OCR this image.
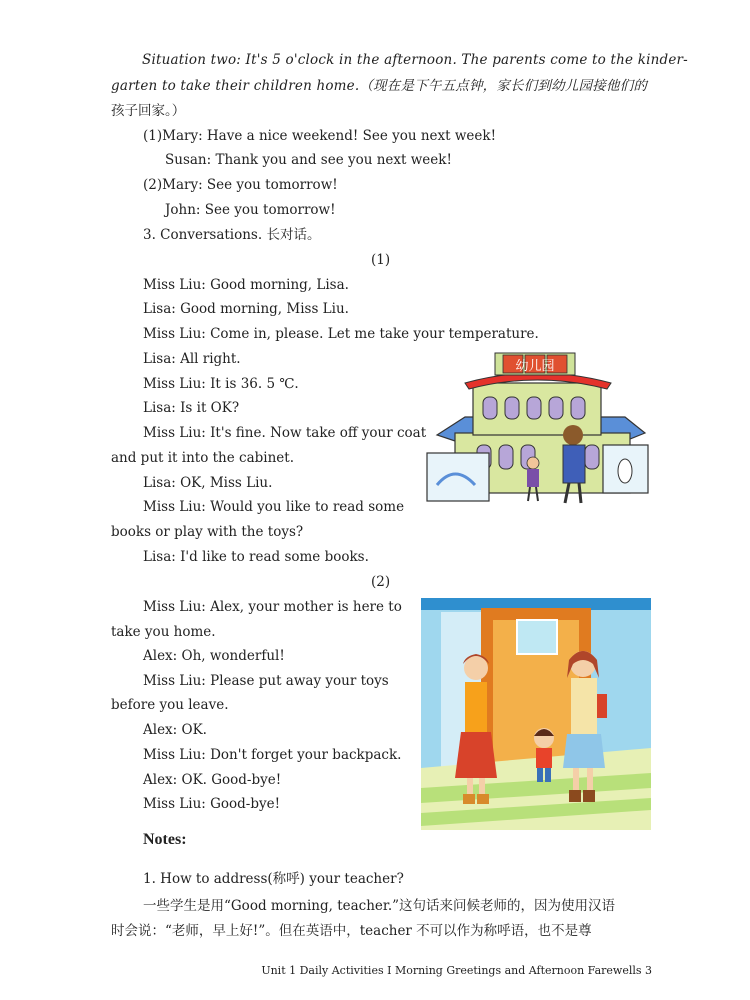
Situation two: It's 5 o'clock in the afternoon. The parents come to the kinder-
garten to take their children home.（现在是下午五点钟，家长们到幼儿园接他们的
孩子回家。）
(1)Mary: Have a nice weekend! See you next week!
Susan: Thank you and see you next week!
(2)Mary: See you tomorrow!
John: See you tomorrow!
3. Conversations. 长对话。
(1)
Miss Liu: Good morning, Lisa.
Lisa: Good morning, Miss Liu.
Miss Liu: Come in, please. Let me take your temperature.
Lisa: All right.
Miss Liu: It is 36. 5 ℃.
Lisa: Is it OK?
Miss Liu: It's fine. Now take off your coat
and put it into the cabinet.
Lisa: OK, Miss Liu.
Miss Liu: Would you like to read some
books or play with the toys?
Lisa: I'd like to read some books.
幼儿园
(2)
Miss Liu: Alex, your mother is here to
take you home.
Alex: Oh, wonderful!
Miss Liu: Please put away your toys
before you leave.
Alex: OK.
Miss Liu: Don't forget your backpack.
Alex: OK. Good-bye!
Miss Liu: Good-bye!
Notes:
1. How to address(称呼) your teacher?
一些学生是用“Good morning, teacher.”这句话来问候老师的，因为使用汉语
时会说：“老师，早上好!”。但在英语中，teacher 不可以作为称呼语，也不是尊
Unit 1 Daily Activities Ⅰ Morning Greetings and Afternoon Farewells 3
